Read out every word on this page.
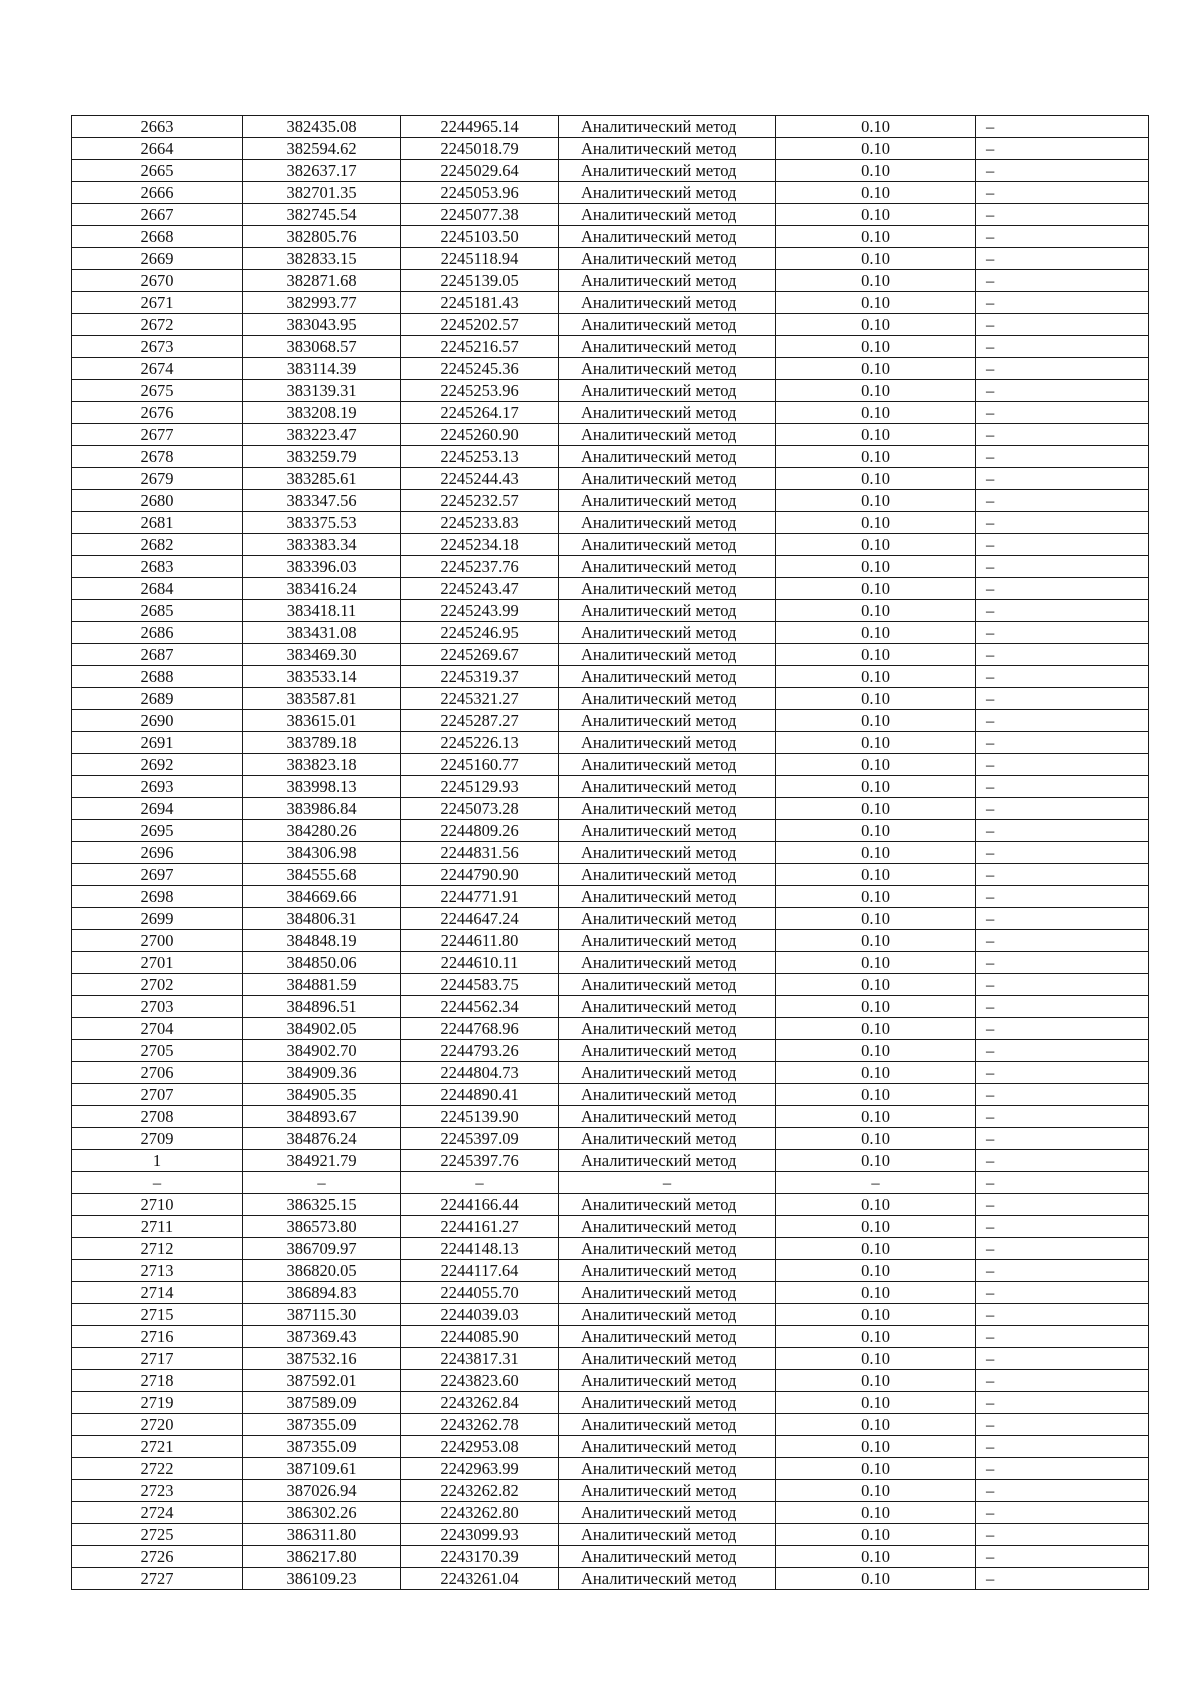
2663	382435.08	2244965.14	Аналитический метод	0.10	–
2664	382594.62	2245018.79	Аналитический метод	0.10	–
2665	382637.17	2245029.64	Аналитический метод	0.10	–
2666	382701.35	2245053.96	Аналитический метод	0.10	–
2667	382745.54	2245077.38	Аналитический метод	0.10	–
2668	382805.76	2245103.50	Аналитический метод	0.10	–
2669	382833.15	2245118.94	Аналитический метод	0.10	–
2670	382871.68	2245139.05	Аналитический метод	0.10	–
2671	382993.77	2245181.43	Аналитический метод	0.10	–
2672	383043.95	2245202.57	Аналитический метод	0.10	–
2673	383068.57	2245216.57	Аналитический метод	0.10	–
2674	383114.39	2245245.36	Аналитический метод	0.10	–
2675	383139.31	2245253.96	Аналитический метод	0.10	–
2676	383208.19	2245264.17	Аналитический метод	0.10	–
2677	383223.47	2245260.90	Аналитический метод	0.10	–
2678	383259.79	2245253.13	Аналитический метод	0.10	–
2679	383285.61	2245244.43	Аналитический метод	0.10	–
2680	383347.56	2245232.57	Аналитический метод	0.10	–
2681	383375.53	2245233.83	Аналитический метод	0.10	–
2682	383383.34	2245234.18	Аналитический метод	0.10	–
2683	383396.03	2245237.76	Аналитический метод	0.10	–
2684	383416.24	2245243.47	Аналитический метод	0.10	–
2685	383418.11	2245243.99	Аналитический метод	0.10	–
2686	383431.08	2245246.95	Аналитический метод	0.10	–
2687	383469.30	2245269.67	Аналитический метод	0.10	–
2688	383533.14	2245319.37	Аналитический метод	0.10	–
2689	383587.81	2245321.27	Аналитический метод	0.10	–
2690	383615.01	2245287.27	Аналитический метод	0.10	–
2691	383789.18	2245226.13	Аналитический метод	0.10	–
2692	383823.18	2245160.77	Аналитический метод	0.10	–
2693	383998.13	2245129.93	Аналитический метод	0.10	–
2694	383986.84	2245073.28	Аналитический метод	0.10	–
2695	384280.26	2244809.26	Аналитический метод	0.10	–
2696	384306.98	2244831.56	Аналитический метод	0.10	–
2697	384555.68	2244790.90	Аналитический метод	0.10	–
2698	384669.66	2244771.91	Аналитический метод	0.10	–
2699	384806.31	2244647.24	Аналитический метод	0.10	–
2700	384848.19	2244611.80	Аналитический метод	0.10	–
2701	384850.06	2244610.11	Аналитический метод	0.10	–
2702	384881.59	2244583.75	Аналитический метод	0.10	–
2703	384896.51	2244562.34	Аналитический метод	0.10	–
2704	384902.05	2244768.96	Аналитический метод	0.10	–
2705	384902.70	2244793.26	Аналитический метод	0.10	–
2706	384909.36	2244804.73	Аналитический метод	0.10	–
2707	384905.35	2244890.41	Аналитический метод	0.10	–
2708	384893.67	2245139.90	Аналитический метод	0.10	–
2709	384876.24	2245397.09	Аналитический метод	0.10	–
1	384921.79	2245397.76	Аналитический метод	0.10	–
–	–	–	–	–	–
2710	386325.15	2244166.44	Аналитический метод	0.10	–
2711	386573.80	2244161.27	Аналитический метод	0.10	–
2712	386709.97	2244148.13	Аналитический метод	0.10	–
2713	386820.05	2244117.64	Аналитический метод	0.10	–
2714	386894.83	2244055.70	Аналитический метод	0.10	–
2715	387115.30	2244039.03	Аналитический метод	0.10	–
2716	387369.43	2244085.90	Аналитический метод	0.10	–
2717	387532.16	2243817.31	Аналитический метод	0.10	–
2718	387592.01	2243823.60	Аналитический метод	0.10	–
2719	387589.09	2243262.84	Аналитический метод	0.10	–
2720	387355.09	2243262.78	Аналитический метод	0.10	–
2721	387355.09	2242953.08	Аналитический метод	0.10	–
2722	387109.61	2242963.99	Аналитический метод	0.10	–
2723	387026.94	2243262.82	Аналитический метод	0.10	–
2724	386302.26	2243262.80	Аналитический метод	0.10	–
2725	386311.80	2243099.93	Аналитический метод	0.10	–
2726	386217.80	2243170.39	Аналитический метод	0.10	–
2727	386109.23	2243261.04	Аналитический метод	0.10	–
